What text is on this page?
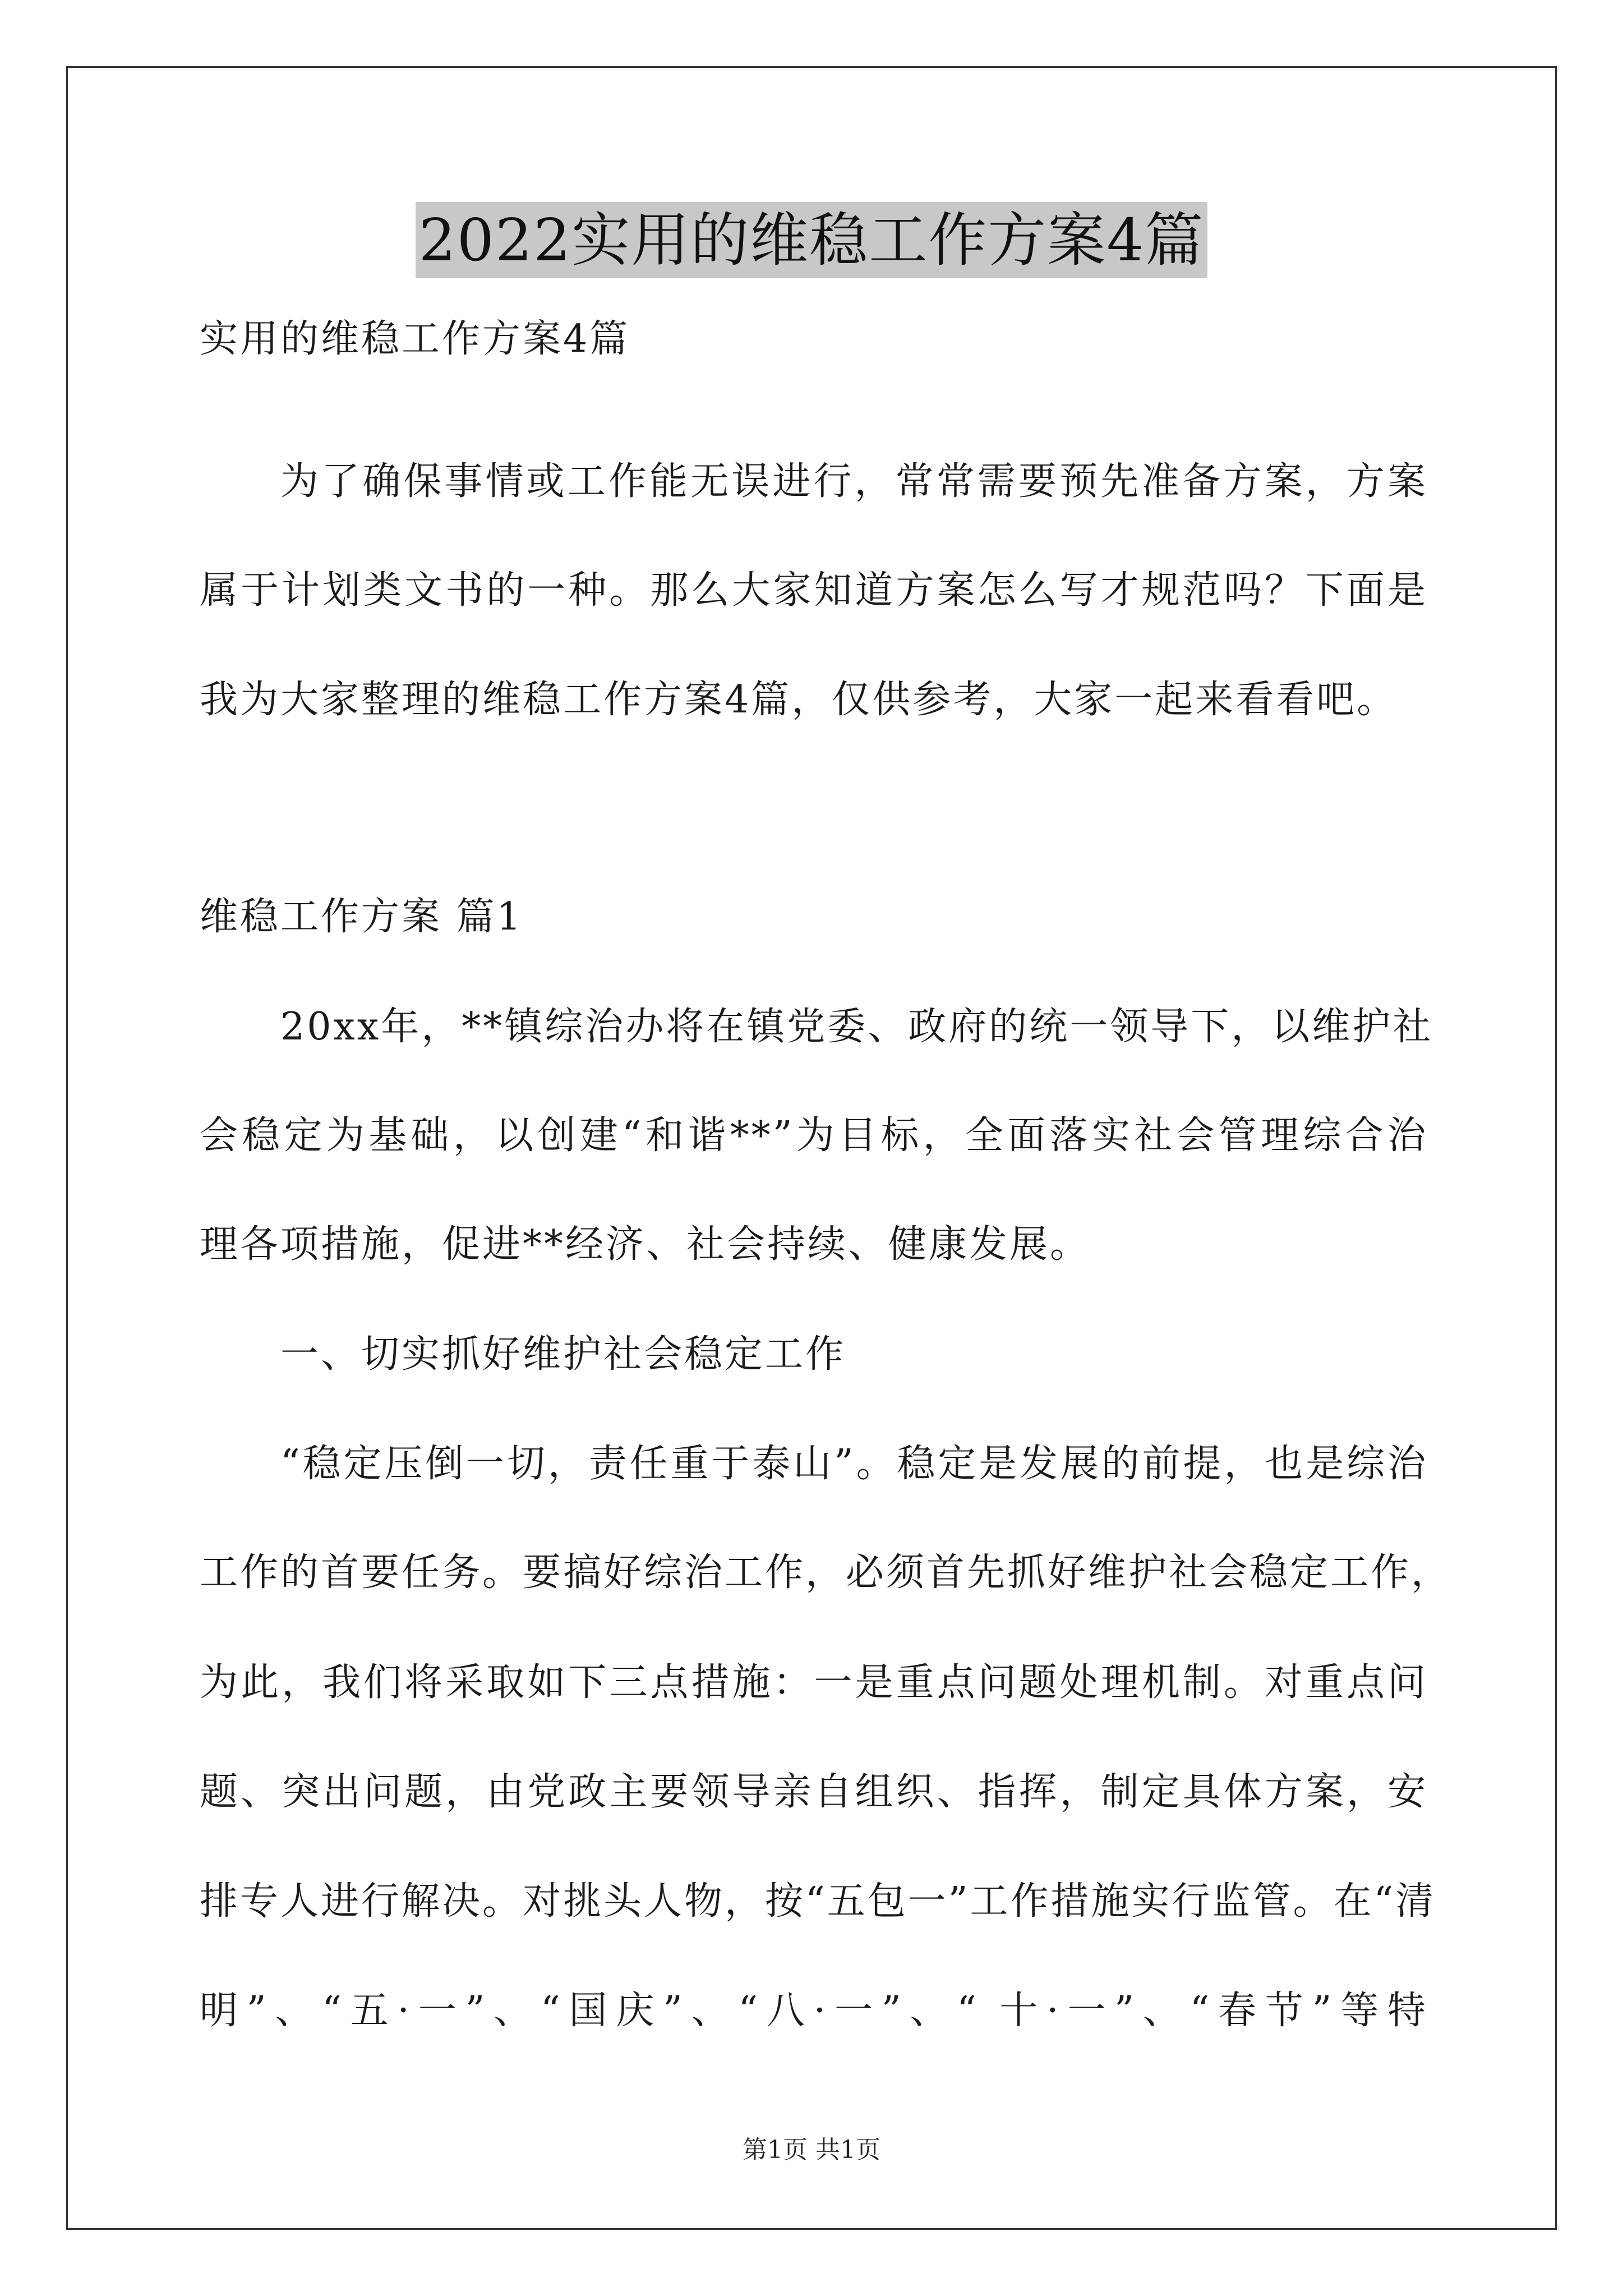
2022实用的维稳工作方案4篇
实用的维稳工作方案4篇
为了确保事情或工作能无误进行，常常需要预先准备方案，方案
属于计划类文书的一种。那么大家知道方案怎么写才规范吗？下面是
我为大家整理的维稳工作方案4篇，仅供参考，大家一起来看看吧。
维稳工作方案 篇1
20xx年，**镇综治办将在镇党委、政府的统一领导下，以维护社
会稳定为基础，以创建“和谐**”为目标，全面落实社会管理综合治
理各项措施，促进**经济、社会持续、健康发展。
一、切实抓好维护社会稳定工作
“稳定压倒一切，责任重于泰山”。稳定是发展的前提，也是综治
工作的首要任务。要搞好综治工作，必须首先抓好维护社会稳定工作，
为此，我们将采取如下三点措施：一是重点问题处理机制。对重点问
题、突出问题，由党政主要领导亲自组织、指挥，制定具体方案，安
排专人进行解决。对挑头人物，按“五包一”工作措施实行监管。在“清
明”、“五·一”、“国庆”、“八·一”、“ 十·一”、“春节”等特
第1页 共1页
